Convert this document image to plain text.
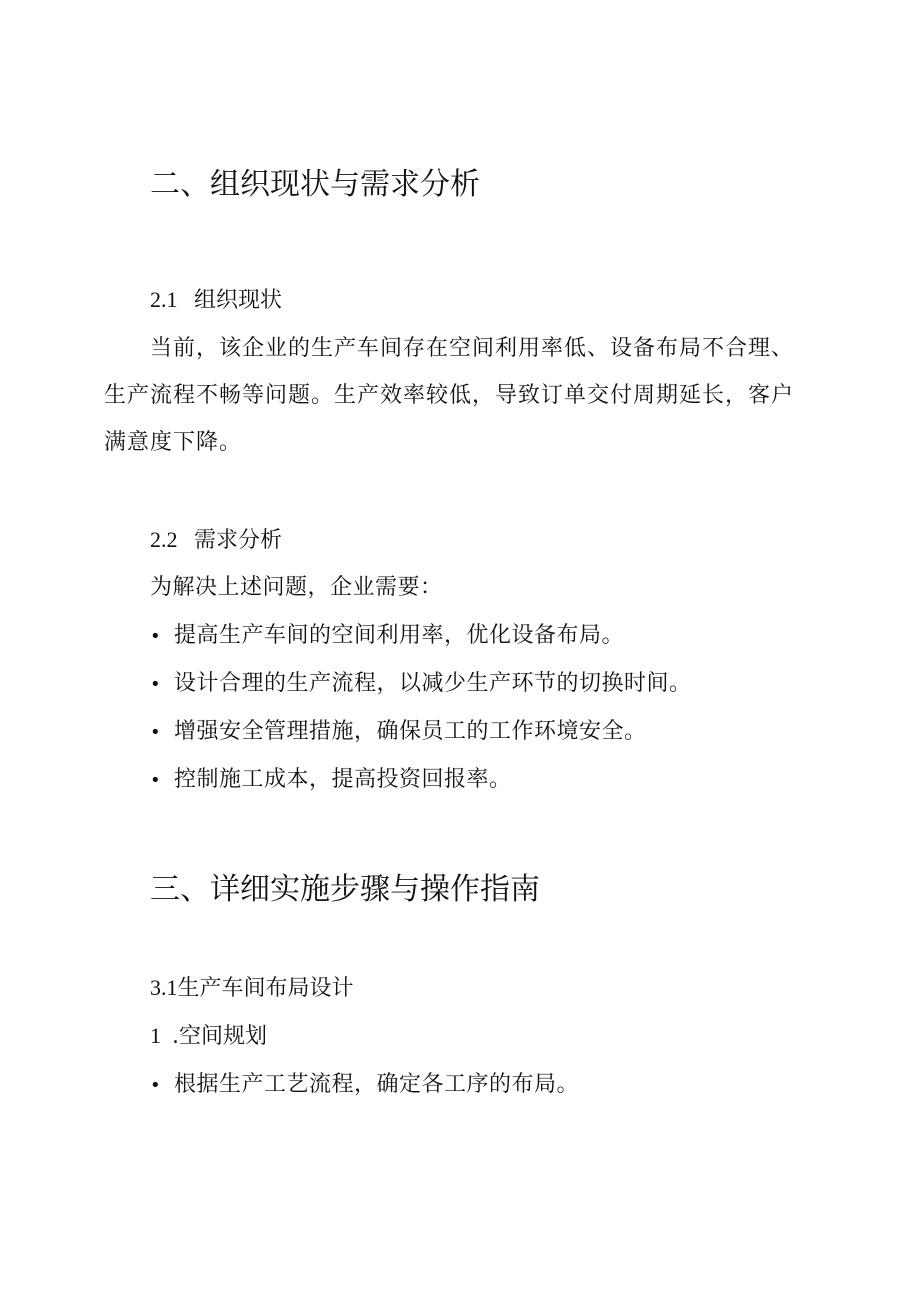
二、组织现状与需求分析
2.1 组织现状
当前，该企业的生产车间存在空间利用率低、设备布局不合理、
生产流程不畅等问题。生产效率较低，导致订单交付周期延长，客户
满意度下降。
2.2 需求分析
为解决上述问题，企业需要：
• 提高生产车间的空间利用率，优化设备布局。
• 设计合理的生产流程，以减少生产环节的切换时间。
• 增强安全管理措施，确保员工的工作环境安全。
• 控制施工成本，提高投资回报率。
三、详细实施步骤与操作指南
3.1生产车间布局设计
1 .空间规划
• 根据生产工艺流程，确定各工序的布局。
